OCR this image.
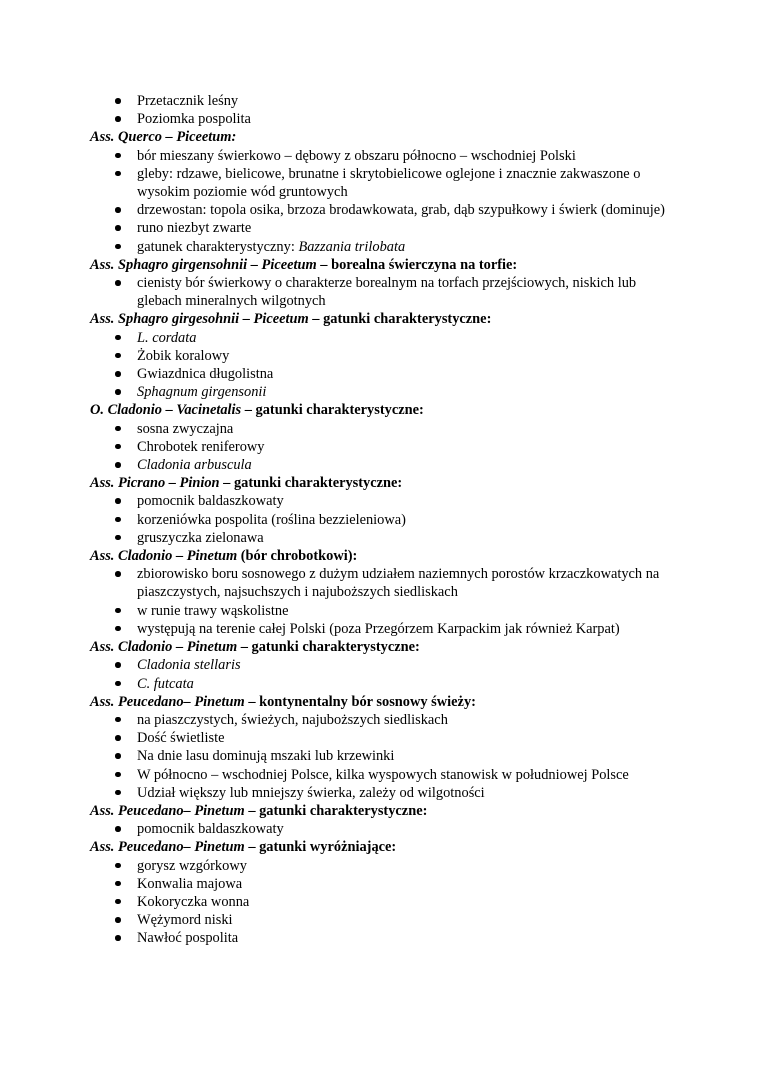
Przetacznik leśny
Poziomka pospolita
Ass. Querco – Piceetum:
bór mieszany świerkowo – dębowy z obszaru północno – wschodniej Polski
gleby: rdzawe, bielicowe, brunatne i skrytobielicowe oglejone i znacznie zakwaszone o wysokim poziomie wód gruntowych
drzewostan: topola osika, brzoza brodawkowata, grab, dąb szypułkowy i świerk (dominuje)
runo niezbyt zwarte
gatunek charakterystyczny: Bazzania trilobata
Ass. Sphagro girgensohnii – Piceetum – borealna świerczyna na torfie:
cienisty bór świerkowy o charakterze borealnym na torfach przejściowych, niskich lub glebach mineralnych wilgotnych
Ass. Sphagro girgesohnii – Piceetum – gatunki charakterystyczne:
L. cordata
Żobik koralowy
Gwiazdnica długolistna
Sphagnum girgensonii
O. Cladonio – Vacinetalis – gatunki charakterystyczne:
sosna zwyczajna
Chrobotek reniferowy
Cladonia arbuscula
Ass. Picrano – Pinion – gatunki charakterystyczne:
pomocnik baldaszkowaty
korzeniówka pospolita (roślina bezzieleniowa)
gruszyczka zielonawa
Ass. Cladonio – Pinetum (bór chrobotkowi):
zbiorowisko boru sosnowego z dużym udziałem naziemnych porostów krzaczkowatych na piaszczystych, najsuchszych i najuboższych siedliskach
w runie trawy wąskolistne
występują na terenie całej Polski (poza Przegórzem Karpackim jak również Karpat)
Ass. Cladonio – Pinetum – gatunki charakterystyczne:
Cladonia stellaris
C. futcata
Ass. Peucedano– Pinetum – kontynentalny bór sosnowy świeży:
na piaszczystych, świeżych, najuboższych siedliskach
Dość świetliste
Na dnie lasu dominują mszaki lub krzewinki
W północno – wschodniej Polsce, kilka wyspowych stanowisk w południowej Polsce
Udział większy lub mniejszy świerka, zależy od wilgotności
Ass. Peucedano– Pinetum – gatunki charakterystyczne:
pomocnik baldaszkowaty
Ass. Peucedano– Pinetum – gatunki wyróżniające:
gorysz wzgórkowy
Konwalia majowa
Kokoryczka wonna
Wężymord niski
Nawłoć pospolita
